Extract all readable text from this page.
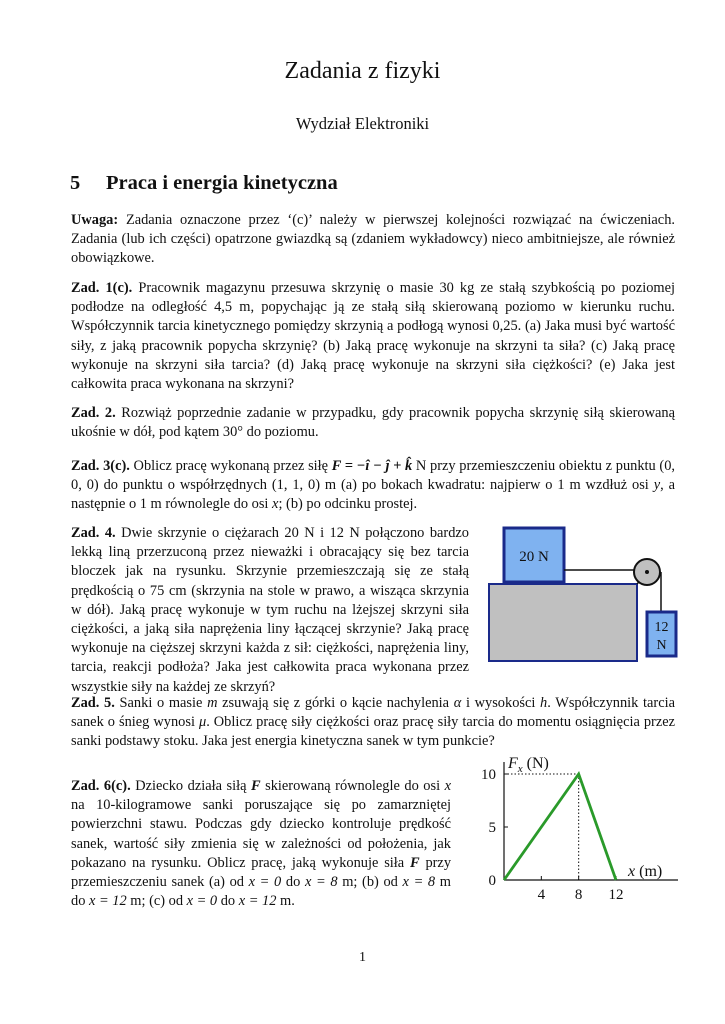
Zadania z fizyki
Wydział Elektroniki
5 Praca i energia kinetyczna
Uwaga: Zadania oznaczone przez ‘(c)’ należy w pierwszej kolejności rozwiązać na ćwiczeniach. Zadania (lub ich części) opatrzone gwiazdką są (zdaniem wykładowcy) nieco ambitniejsze, ale również obowiązkowe.
Zad. 1(c). Pracownik magazynu przesuwa skrzynię o masie 30 kg ze stałą szybkością po poziomej podłodze na odległość 4,5 m, popychając ją ze stałą siłą skierowaną poziomo w kierunku ruchu. Współczynnik tarcia kinetycznego pomiędzy skrzynią a podłogą wynosi 0,25. (a) Jaka musi być wartość siły, z jaką pracownik popycha skrzynię? (b) Jaką pracę wykonuje na skrzyni ta siła? (c) Jaką pracę wykonuje na skrzyni siła tarcia? (d) Jaką pracę wykonuje na skrzyni siła ciężkości? (e) Jaka jest całkowita praca wykonana na skrzyni?
Zad. 2. Rozwiąż poprzednie zadanie w przypadku, gdy pracownik popycha skrzynię siłą skierowaną ukośnie w dół, pod kątem 30° do poziomu.
Zad. 3(c). Oblicz pracę wykonaną przez siłę F = −î − ĵ + k̂ N przy przemieszczeniu obiektu z punktu (0, 0, 0) do punktu o współrzędnych (1, 1, 0) m (a) po bokach kwadratu: najpierw o 1 m wzdłuż osi y, a następnie o 1 m równolegle do osi x; (b) po odcinku prostej.
Zad. 4. Dwie skrzynie o ciężarach 20 N i 12 N połączono bardzo lekką liną przerzuconą przez nieważki i obracający się bez tarcia bloczek jak na rysunku. Skrzynie przemieszczają się ze stałą prędkością o 75 cm (skrzynia na stole w prawo, a wisząca skrzynia w dół). Jaką pracę wykonuje w tym ruchu na lżejszej skrzyni siła ciężkości, a jaką siła naprężenia liny łączącej skrzynie? Jaką pracę wykonuje na cięższej skrzyni każda z sił: ciężkości, naprężenia liny, tarcia, reakcji podłoża? Jaka jest całkowita praca wykonana przez wszystkie siły na każdej ze skrzyń?
20 N
12
N
Zad. 5. Sanki o masie m zsuwają się z górki o kącie nachylenia α i wysokości h. Współczynnik tarcia sanek o śnieg wynosi μ. Oblicz pracę siły ciężkości oraz pracę siły tarcia do momentu osiągnięcia przez sanki podstawy stoku. Jaka jest energia kinetyczna sanek w tym punkcie?
Zad. 6(c). Dziecko działa siłą F skierowaną równolegle do osi x na 10-kilogramowe sanki poruszające się po zamarzniętej powierzchni stawu. Podczas gdy dziecko kontroluje prędkość sanek, wartość siły zmienia się w zależności od położenia, jak pokazano na rysunku. Oblicz pracę, jaką wykonuje siła F przy przemieszczeniu sanek (a) od x = 0 do x = 8 m; (b) od x = 8 m do x = 12 m; (c) od x = 0 do x = 12 m.	4 8 12
0
5
10
$F_x$ (N)
x (m)
1
